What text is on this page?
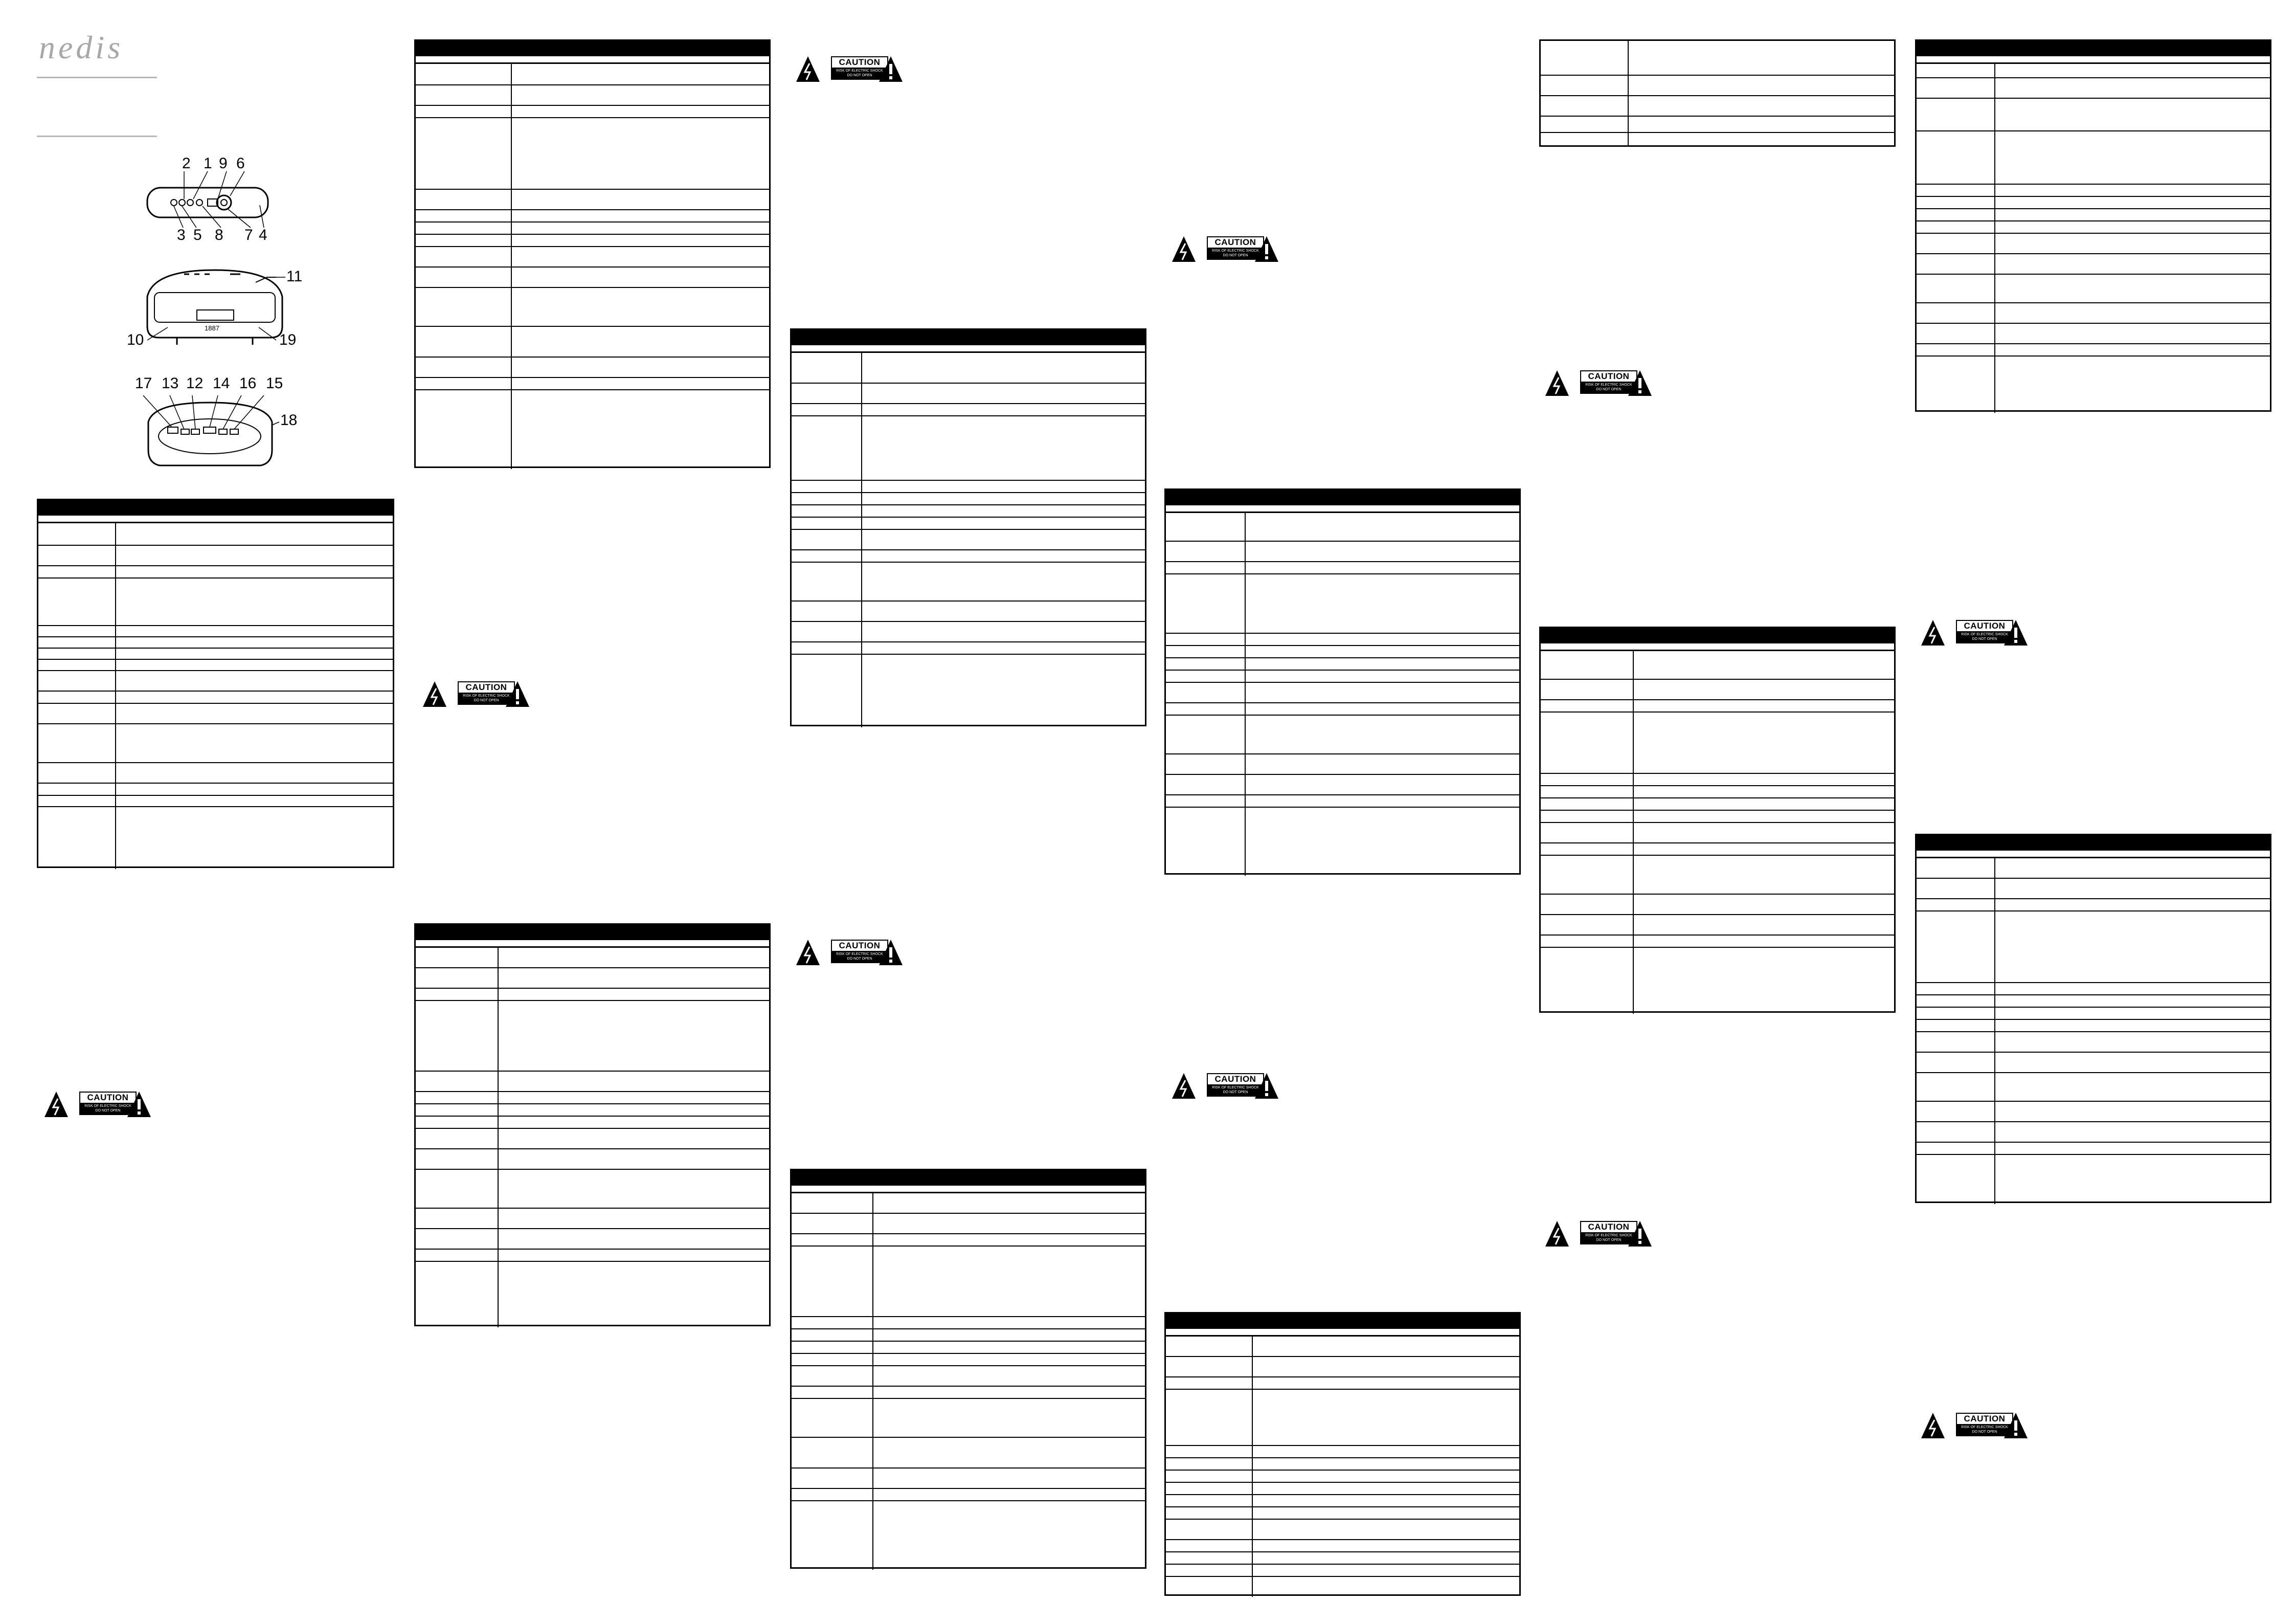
nedis
2 1 9 6
3 5 8 7 4
11
10	19
1887
17 13 12 14 16 15
18
CAUTION
RISK OF ELECTRIC SHOCK
DO NOT OPEN
CAUTION
RISK OF ELECTRIC SHOCK
DO NOT OPEN
CAUTION
RISK OF ELECTRIC SHOCK
DO NOT OPEN
CAUTION
RISK OF ELECTRIC SHOCK
DO NOT OPEN
CAUTION
RISK OF ELECTRIC SHOCK
DO NOT OPEN
CAUTION
RISK OF ELECTRIC SHOCK
DO NOT OPEN
CAUTION
RISK OF ELECTRIC SHOCK
DO NOT OPEN
CAUTION
RISK OF ELECTRIC SHOCK
DO NOT OPEN
CAUTION
RISK OF ELECTRIC SHOCK
DO NOT OPEN
CAUTION
RISK OF ELECTRIC SHOCK
DO NOT OPEN
